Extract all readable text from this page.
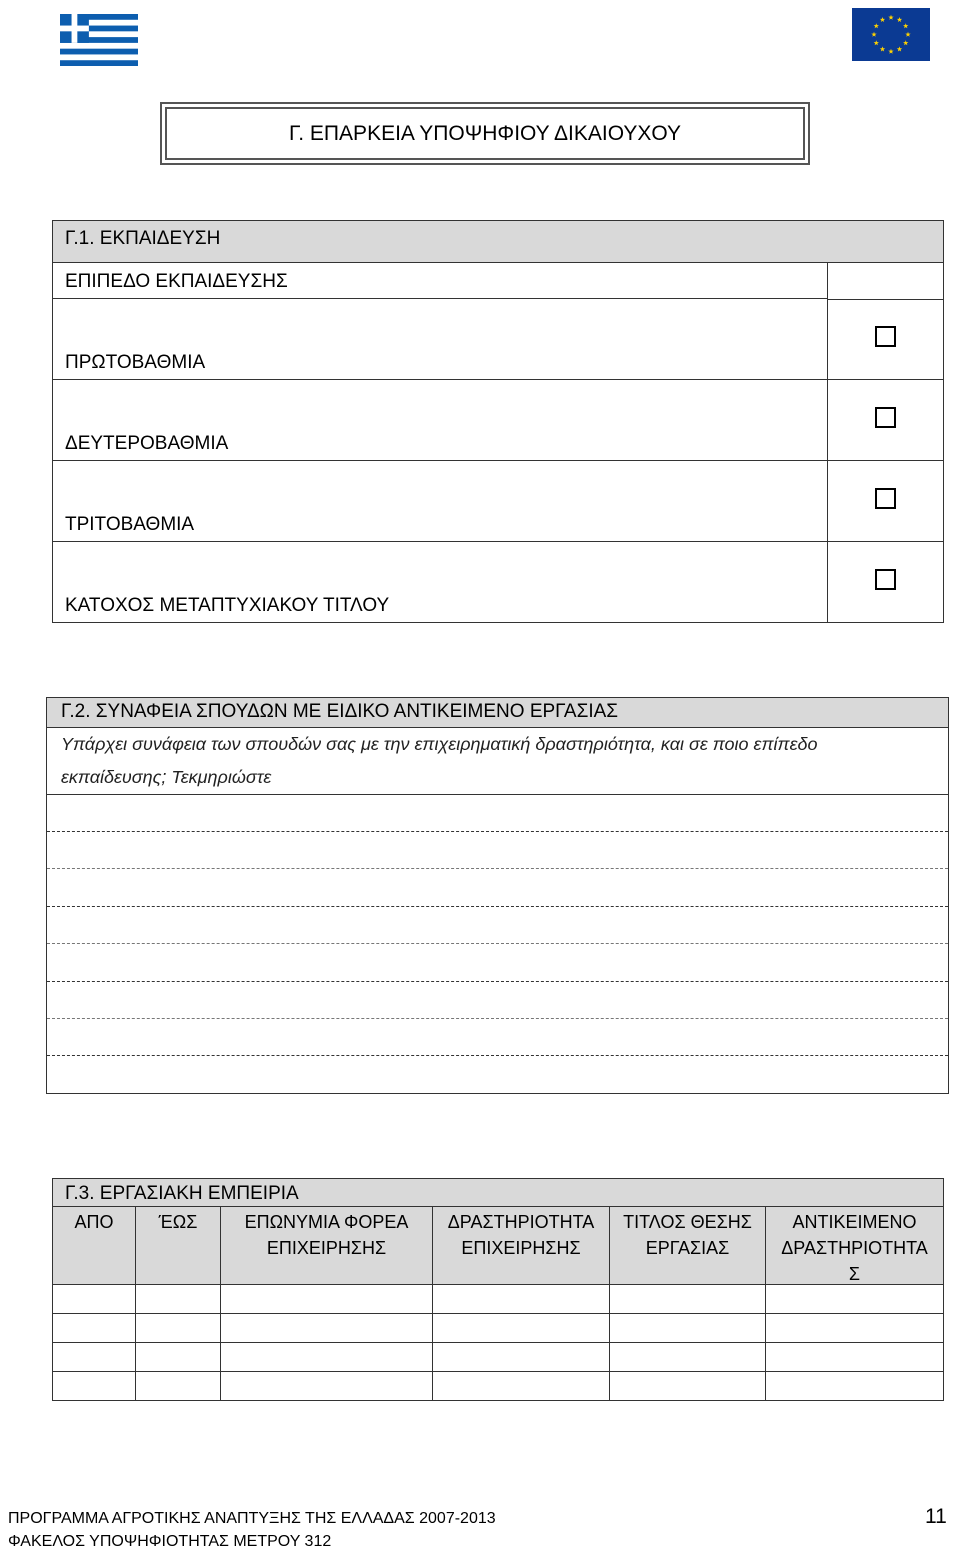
Γ. ΕΠΑΡΚΕΙΑ ΥΠΟΨΗΦΙΟΥ ΔΙΚΑΙΟΥΧΟΥ
Γ.1. ΕΚΠΑΙΔΕΥΣΗ
ΕΠΙΠΕΔΟ ΕΚΠΑΙΔΕΥΣΗΣ
ΠΡΩΤΟΒΑΘΜΙΑ
ΔΕΥΤΕΡΟΒΑΘΜΙΑ
ΤΡΙΤΟΒΑΘΜΙΑ
ΚΑΤΟΧΟΣ ΜΕΤΑΠΤΥΧΙΑΚΟΥ ΤΙΤΛΟΥ
Γ.2. ΣΥΝΑΦΕΙΑ ΣΠΟΥΔΩΝ ΜΕ ΕΙΔΙΚΟ ΑΝΤΙΚΕΙΜΕΝΟ ΕΡΓΑΣΙΑΣ
Υπάρχει συνάφεια των σπουδών σας με την επιχειρηματική δραστηριότητα, και σε ποιο επίπεδο
εκπαίδευσης; Τεκμηριώστε
Γ.3. ΕΡΓΑΣΙΑΚΗ ΕΜΠΕΙΡΙΑ
ΑΠΟ	ΈΩΣ	ΕΠΩΝΥΜΙΑ ΦΟΡΕΑ
ΕΠΙΧΕΙΡΗΣΗΣ
ΔΡΑΣΤΗΡΙΟΤΗΤΑ
ΕΠΙΧΕΙΡΗΣΗΣ
ΤΙΤΛΟΣ ΘΕΣΗΣ
ΕΡΓΑΣΙΑΣ
ΑΝΤΙΚΕΙΜΕΝΟ
ΔΡΑΣΤΗΡΙΟΤΗΤΑ
Σ
ΠΡΟΓΡΑΜΜΑ ΑΓΡΟΤΙΚΗΣ ΑΝΑΠΤΥΞΗΣ ΤΗΣ ΕΛΛΑΔΑΣ 2007-2013
ΦΑΚΕΛΟΣ ΥΠΟΨΗΦΙΟΤΗΤΑΣ ΜΕΤΡΟΥ 312
11
